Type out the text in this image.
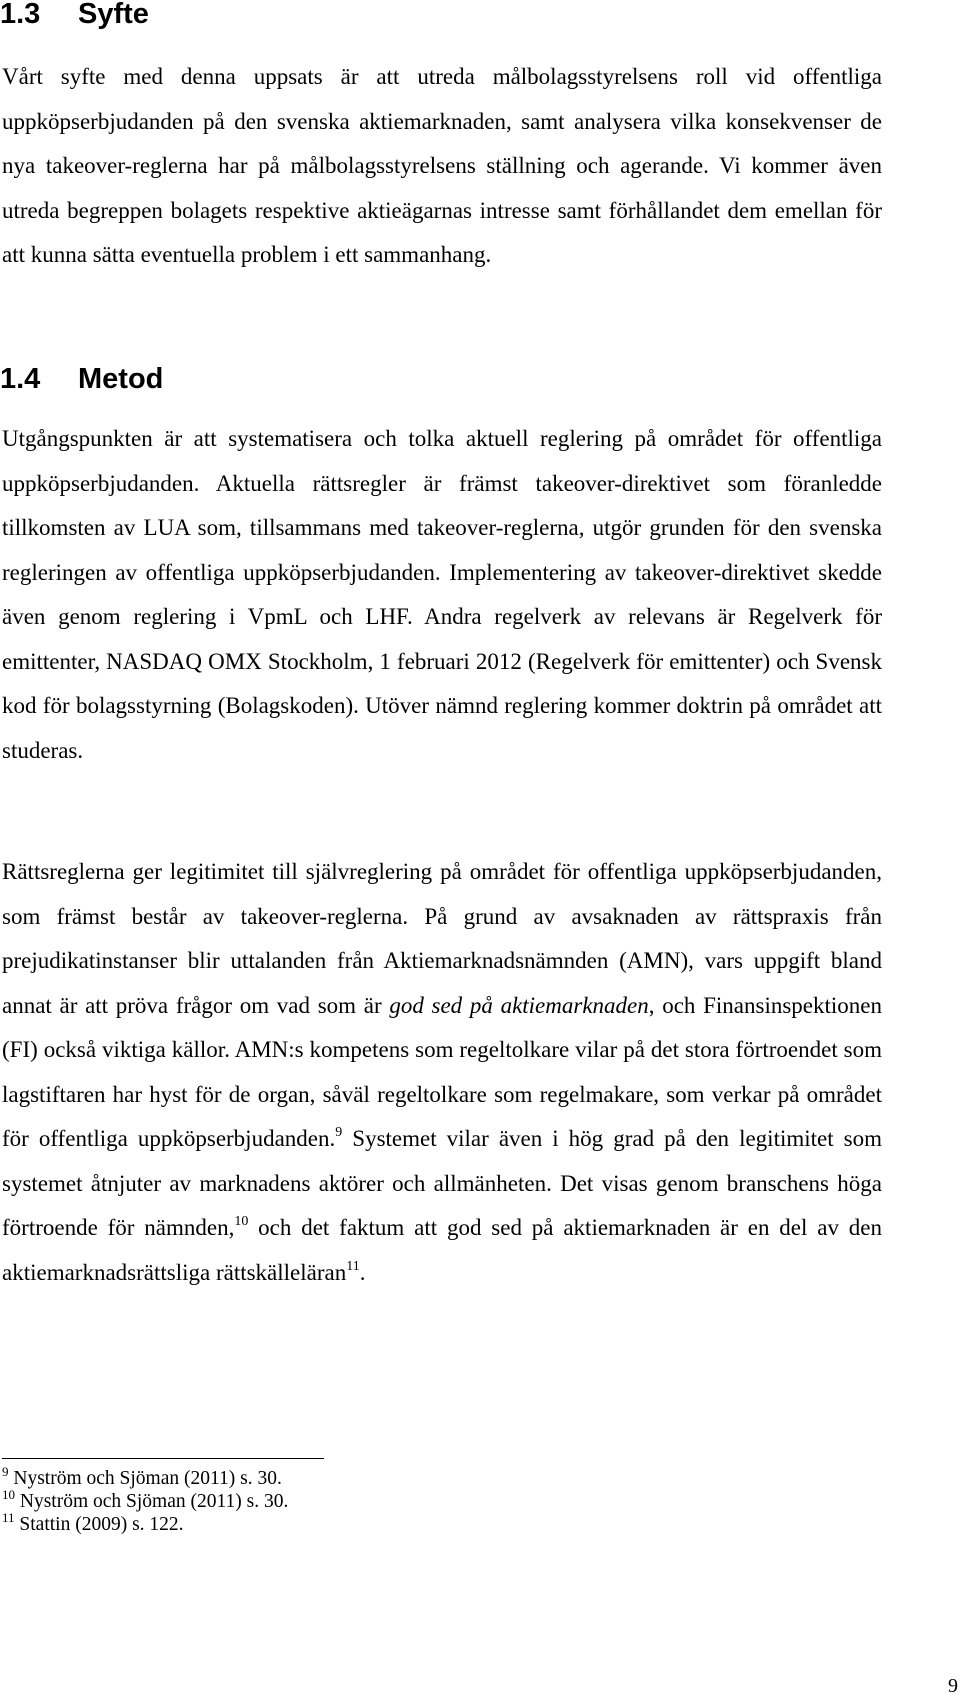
1.3 Syfte

Vårt syfte med denna uppsats är att utreda målbolagsstyrelsens roll vid offentliga uppköpserbjudanden på den svenska aktiemarknaden, samt analysera vilka konsekvenser de nya takeover-reglerna har på målbolagsstyrelsens ställning och agerande. Vi kommer även utreda begreppen bolagets respektive aktieägarnas intresse samt förhållandet dem emellan för att kunna sätta eventuella problem i ett sammanhang.

1.4 Metod

Utgångspunkten är att systematisera och tolka aktuell reglering på området för offentliga uppköpserbjudanden. Aktuella rättsregler är främst takeover-direktivet som föranledde tillkomsten av LUA som, tillsammans med takeover-reglerna, utgör grunden för den svenska regleringen av offentliga uppköpserbjudanden. Implementering av takeover-direktivet skedde även genom reglering i VpmL och LHF. Andra regelverk av relevans är Regelverk för emittenter, NASDAQ OMX Stockholm, 1 februari 2012 (Regelverk för emittenter) och Svensk kod för bolagsstyrning (Bolagskoden). Utöver nämnd reglering kommer doktrin på området att studeras.

Rättsreglerna ger legitimitet till självreglering på området för offentliga uppköpserbjudanden, som främst består av takeover-reglerna. På grund av avsaknaden av rättspraxis från prejudikatinstanser blir uttalanden från Aktiemarknadsnämnden (AMN), vars uppgift bland annat är att pröva frågor om vad som är god sed på aktiemarknaden, och Finansinspektionen (FI) också viktiga källor. AMN:s kompetens som regeltolkare vilar på det stora förtroendet som lagstiftaren har hyst för de organ, såväl regeltolkare som regelmakare, som verkar på området för offentliga uppköpserbjudanden.$^9$ Systemet vilar även i hög grad på den legitimitet som systemet åtnjuter av marknadens aktörer och allmänheten. Det visas genom branschens höga förtroende för nämnden,$^{10}$ och det faktum att god sed på aktiemarknaden är en del av den aktiemarknadsrättsliga rättskälleläran$^{11}$.

$^9$ Nyström och Sjöman (2011) s. 30.
$^{10}$ Nyström och Sjöman (2011) s. 30.
$^{11}$ Stattin (2009) s. 122.
9
